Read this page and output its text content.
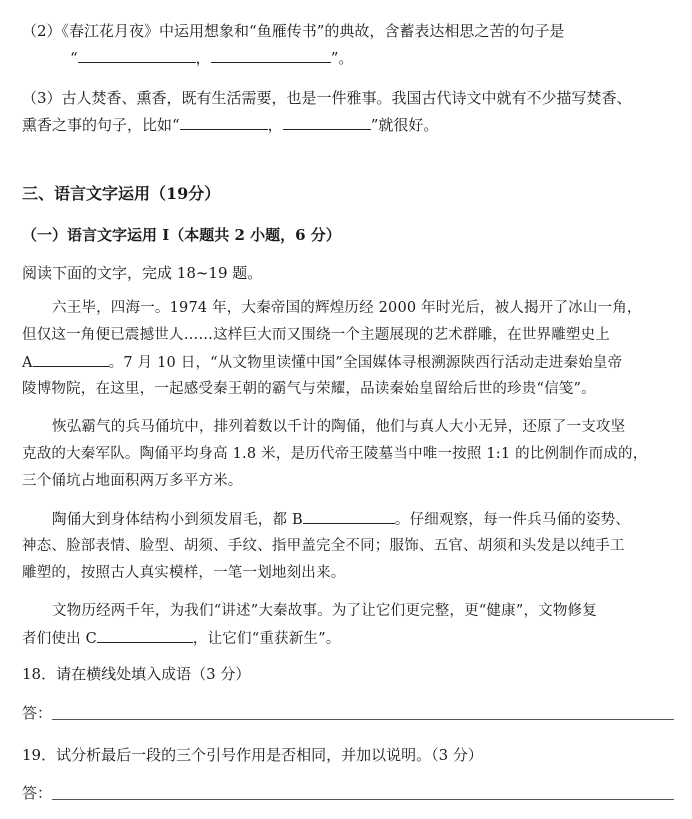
（2）《春江花月夜》中运用想象和“鱼雁传书”的典故，含蓄表达相思之苦的句子是
“	，	”。
（3）古人焚香、熏香，既有生活需要，也是一件雅事。我国古代诗文中就有不少描写焚香、
熏香之事的句子，比如“	，	”就很好。
三、语言文字运用（19分）
（一）语言文字运用 I（本题共 2 小题，6 分）
阅读下面的文字，完成 18~19 题。
六王毕，四海一。1974 年，大秦帝国的辉煌历经 2000 年时光后，被人揭开了冰山一角，
但仅这一角便已震撼世人……这样巨大而又围绕一个主题展现的艺术群雕，在世界雕塑史上
A	。7 月 10 日，“从文物里读懂中国”全国媒体寻根溯源陕西行活动走进秦始皇帝
陵博物院，在这里，一起感受秦王朝的霸气与荣耀，品读秦始皇留给后世的珍贵“信笺”。
恢弘霸气的兵马俑坑中，排列着数以千计的陶俑，他们与真人大小无异，还原了一支攻坚
克敌的大秦军队。陶俑平均身高 1.8 米，是历代帝王陵墓当中唯一按照 1:1 的比例制作而成的，
三个俑坑占地面积两万多平方米。
陶俑大到身体结构小到须发眉毛，都 B	。仔细观察，每一件兵马俑的姿势、
神态、脸部表情、脸型、胡须、手纹、指甲盖完全不同；服饰、五官、胡须和头发是以纯手工
雕塑的，按照古人真实模样，一笔一划地刻出来。
文物历经两千年，为我们“讲述”大秦故事。为了让它们更完整，更“健康”，文物修复
者们使出 C	，让它们“重获新生”。
18．请在横线处填入成语（3 分）
答：
19．试分析最后一段的三个引号作用是否相同，并加以说明。（3 分）
答：
